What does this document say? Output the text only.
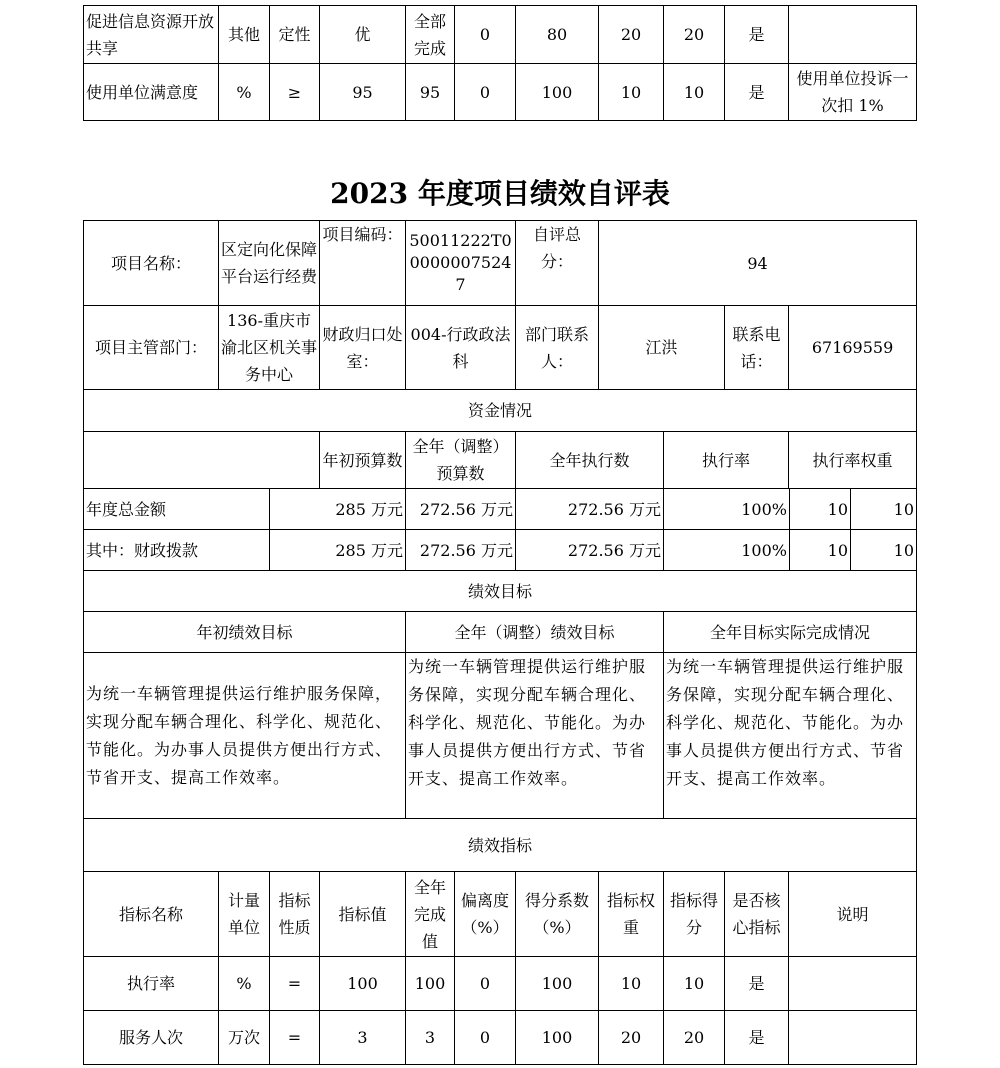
促进信息资源开放共享	其他	定性	优	全部完成	0	80	20	20	是	
使用单位满意度	%	≥	95	95	0	100	10	10	是	使用单位投诉一次扣 1%
2023 年度项目绩效自评表
项目名称：	区定向化保障平台运行经费	项目编码：	50011222T000000075247	自评总分：	94			
项目主管部门：	136-重庆市渝北区机关事务中心	财政归口处室：	004-行政政法科	部门联系人：	江洪		联系电话：	67169559
资金情况								
		年初预算数	全年（调整）预算数	全年执行数		执行率		执行率权重
年度总金额	285 万元	272.56 万元	272.56 万元	100%	10	10
其中：财政拨款	285 万元	272.56 万元	272.56 万元	100%	10	10
绩效目标		
年初绩效目标	全年（调整）绩效目标	全年目标实际完成情况
为统一车辆管理提供运行维护服务保障，实现分配车辆合理化、科学化、规范化、节能化。为办事人员提供方便出行方式、节省开支、提高工作效率。	为统一车辆管理提供运行维护服务保障，实现分配车辆合理化、科学化、规范化、节能化。为办事人员提供方便出行方式、节省开支、提高工作效率。	为统一车辆管理提供运行维护服务保障，实现分配车辆合理化、科学化、规范化、节能化。为办事人员提供方便出行方式、节省开支、提高工作效率。
绩效指标										
指标名称	计量单位	指标性质	指标值	全年完成值	偏离度（%）	得分系数（%）	指标权重	指标得分	是否核心指标	说明
执行率	%	=	100	100	0	100	10	10	是	
服务人次	万次	=	3	3	0	100	20	20	是	
